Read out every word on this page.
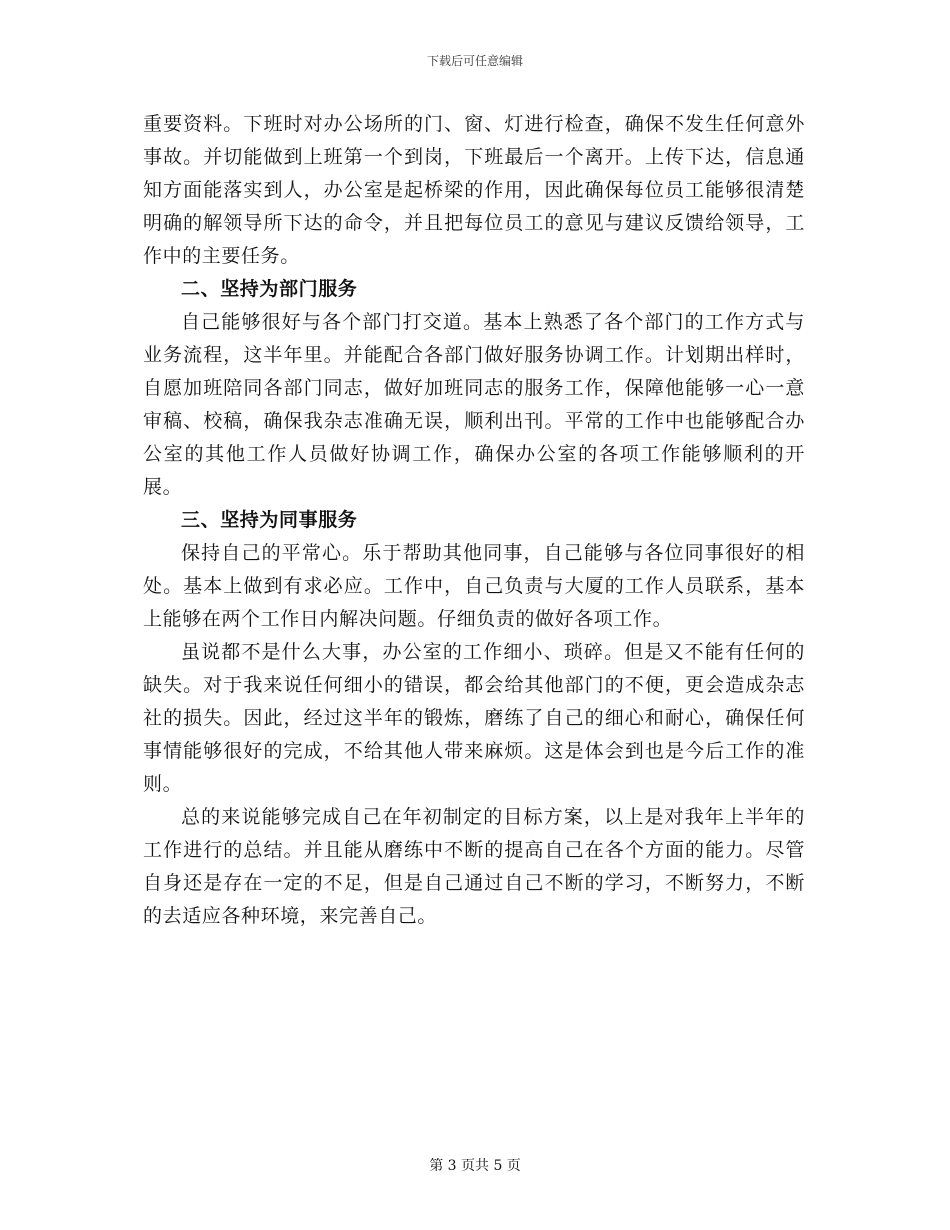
下载后可任意编辑

重要资料。下班时对办公场所的门、窗、灯进行检查，确保不发生任何意外事故。并切能做到上班第一个到岗，下班最后一个离开。上传下达，信息通知方面能落实到人，办公室是起桥梁的作用，因此确保每位员工能够很清楚明确的解领导所下达的命令，并且把每位员工的意见与建议反馈给领导，工作中的主要任务。

二、坚持为部门服务

自己能够很好与各个部门打交道。基本上熟悉了各个部门的工作方式与业务流程，这半年里。并能配合各部门做好服务协调工作。计划期出样时，自愿加班陪同各部门同志，做好加班同志的服务工作，保障他能够一心一意审稿、校稿，确保我杂志准确无误，顺利出刊。平常的工作中也能够配合办公室的其他工作人员做好协调工作，确保办公室的各项工作能够顺利的开展。

三、坚持为同事服务

保持自己的平常心。乐于帮助其他同事，自己能够与各位同事很好的相处。基本上做到有求必应。工作中，自己负责与大厦的工作人员联系，基本上能够在两个工作日内解决问题。仔细负责的做好各项工作。

虽说都不是什么大事，办公室的工作细小、琐碎。但是又不能有任何的缺失。对于我来说任何细小的错误，都会给其他部门的不便，更会造成杂志社的损失。因此，经过这半年的锻炼，磨练了自己的细心和耐心，确保任何事情能够很好的完成，不给其他人带来麻烦。这是体会到也是今后工作的准则。

总的来说能够完成自己在年初制定的目标方案，以上是对我年上半年的工作进行的总结。并且能从磨练中不断的提高自己在各个方面的能力。尽管自身还是存在一定的不足，但是自己通过自己不断的学习，不断努力，不断的去适应各种环境，来完善自己。

第 3 页共 5 页
